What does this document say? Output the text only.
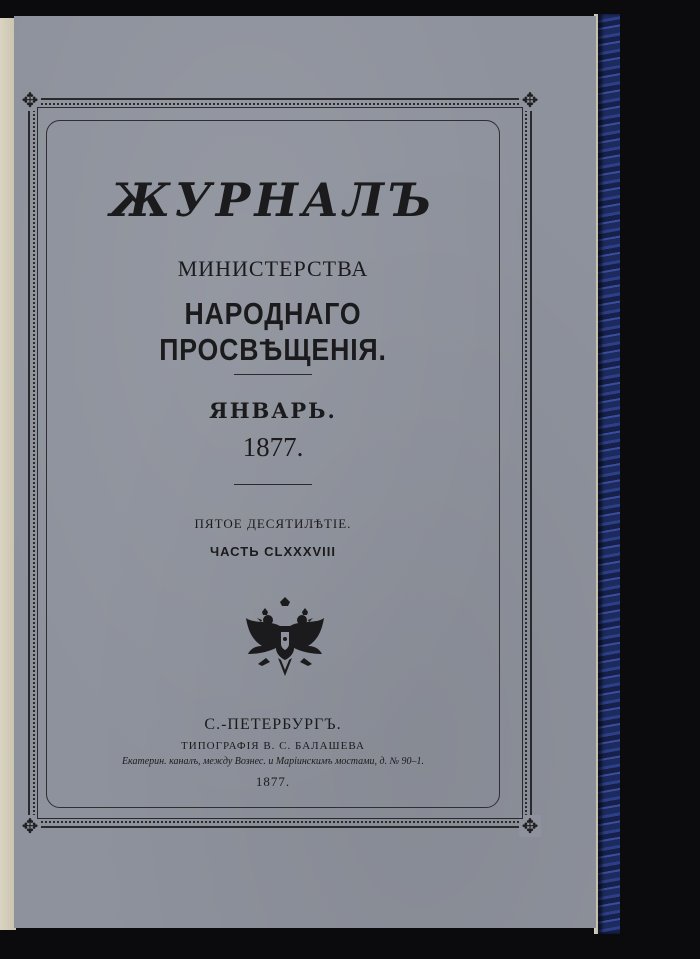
✥	✥
✥	✥
ЖУРНАЛЪ
МИНИСТЕРСТВА
НАРОДНАГО ПРОСВѢЩЕНІЯ.
ЯНВАРЬ.
1877.
ПЯТОЕ ДЕСЯТИЛѢТІЕ.
ЧАСТЬ CLXXXVIII
С.-ПЕТЕРБУРГЪ.
ТИПОГРАФІЯ В. С. БАЛАШЕВА
Екатерин. каналъ, между Вознес. и Маріинскимъ мостами, д. № 90–1.
1877.
